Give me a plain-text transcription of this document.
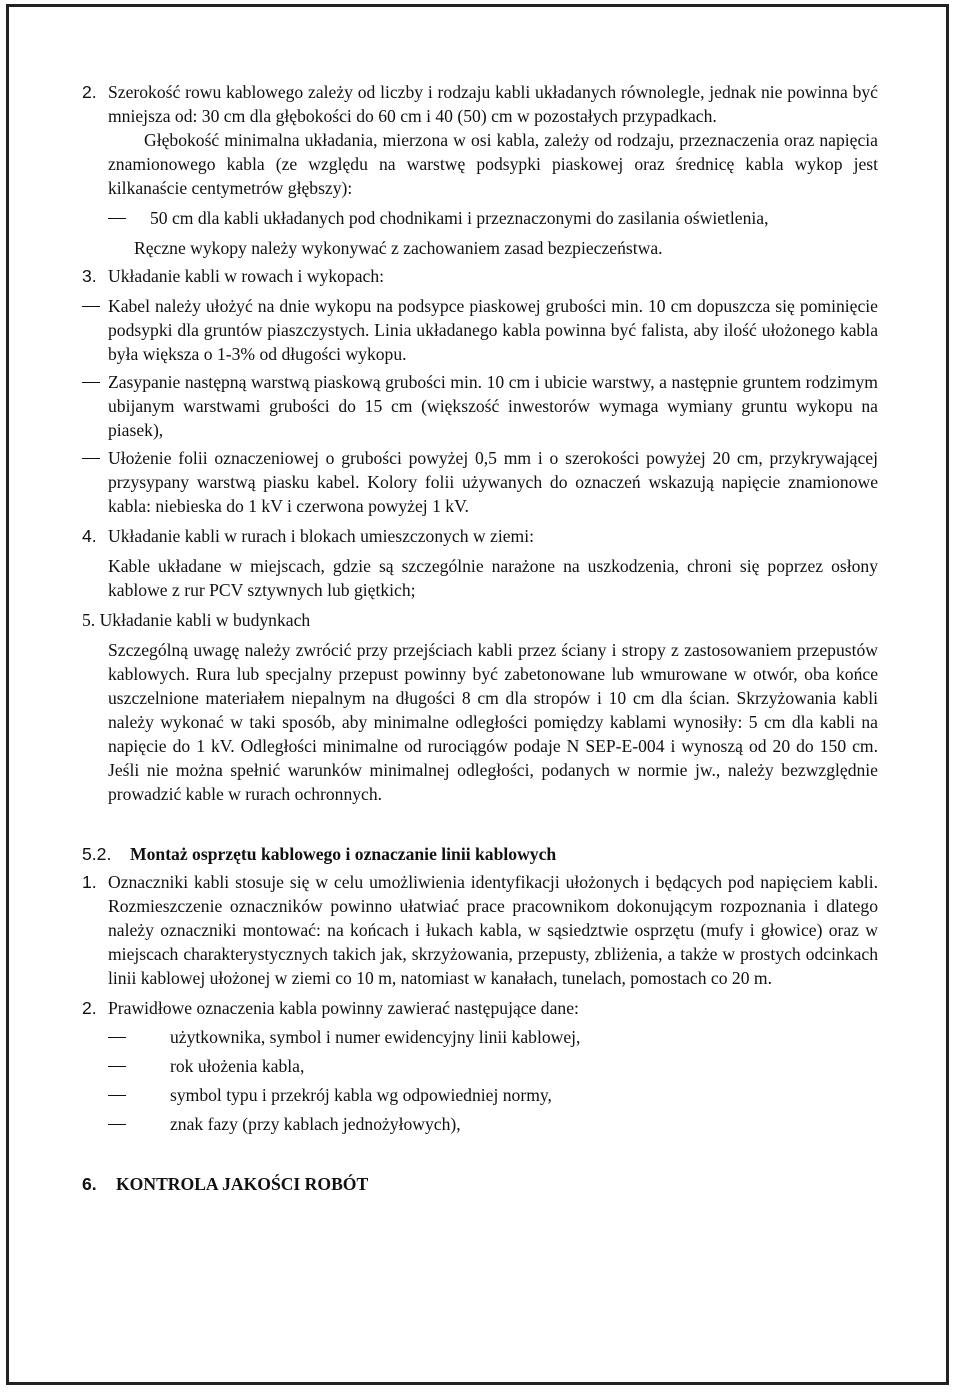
2. Szerokość rowu kablowego zależy od liczby i rodzaju kabli układanych równolegle, jednak nie powinna być mniejsza od: 30 cm dla głębokości do 60 cm i 40 (50) cm w pozostałych przypadkach.

Głębokość minimalna układania, mierzona w osi kabla, zależy od rodzaju, przeznaczenia oraz napięcia znamionowego kabla (ze względu na warstwę podsypki piaskowej oraz średnicę kabla wykop jest kilkanaście centymetrów głębszy):

50 cm dla kabli układanych pod chodnikami i przeznaczonymi do zasilania oświetlenia,

Ręczne wykopy należy wykonywać z zachowaniem zasad bezpieczeństwa.

3. Układanie kabli w rowach i wykopach:
Kabel należy ułożyć na dnie wykopu na podsypce piaskowej grubości min. 10 cm dopuszcza się pominięcie podsypki dla gruntów piaszczystych. Linia układanego kabla powinna być falista, aby ilość ułożonego kabla była większa o 1-3% od długości wykopu.
Zasypanie następną warstwą piaskową grubości min. 10 cm i ubicie warstwy, a następnie gruntem rodzimym ubijanym warstwami grubości do 15 cm (większość inwestorów wymaga wymiany gruntu wykopu na piasek),
Ułożenie folii oznaczeniowej o grubości powyżej 0,5 mm i o szerokości powyżej 20 cm, przykrywającej przysypany warstwą piasku kabel. Kolory folii używanych do oznaczeń wskazują napięcie znamionowe kabla: niebieska do 1 kV i czerwona powyżej 1 kV.
4. Układanie kabli w rurach i blokach umieszczonych w ziemi:

Kable układane w miejscach, gdzie są szczególnie narażone na uszkodzenia, chroni się poprzez osłony kablowe z rur PCV sztywnych lub giętkich;

5. Układanie kabli w budynkach

Szczególną uwagę należy zwrócić przy przejściach kabli przez ściany i stropy z zastosowaniem przepustów kablowych. Rura lub specjalny przepust powinny być zabetonowane lub wmurowane w otwór, oba końce uszczelnione materiałem niepalnym na długości 8 cm dla stropów i 10 cm dla ścian. Skrzyżowania kabli należy wykonać w taki sposób, aby minimalne odległości pomiędzy kablami wynosiły: 5 cm dla kabli na napięcie do 1 kV. Odległości minimalne od rurociągów podaje N SEP-E-004 i wynoszą od 20 do 150 cm. Jeśli nie można spełnić warunków minimalnej odległości, podanych w normie jw., należy bezwzględnie prowadzić kable w rurach ochronnych.

5.2.	Montaż osprzętu kablowego i oznaczanie linii kablowych
1. Oznaczniki kabli stosuje się w celu umożliwienia identyfikacji ułożonych i będących pod napięciem kabli. Rozmieszczenie oznaczników powinno ułatwiać prace pracownikom dokonującym rozpoznania i dlatego należy oznaczniki montować: na końcach i łukach kabla, w sąsiedztwie osprzętu (mufy i głowice) oraz w miejscach charakterystycznych takich jak, skrzyżowania, przepusty, zbliżenia, a także w prostych odcinkach linii kablowej ułożonej w ziemi co 10 m, natomiast w kanałach, tunelach, pomostach co 20 m.
2. Prawidłowe oznaczenia kabla powinny zawierać następujące dane:
użytkownika, symbol i numer ewidencyjny linii kablowej,
rok ułożenia kabla,
symbol typu i przekrój kabla wg odpowiedniej normy,
znak fazy (przy kablach jednożyłowych),
6.	KONTROLA JAKOŚCI ROBÓT
